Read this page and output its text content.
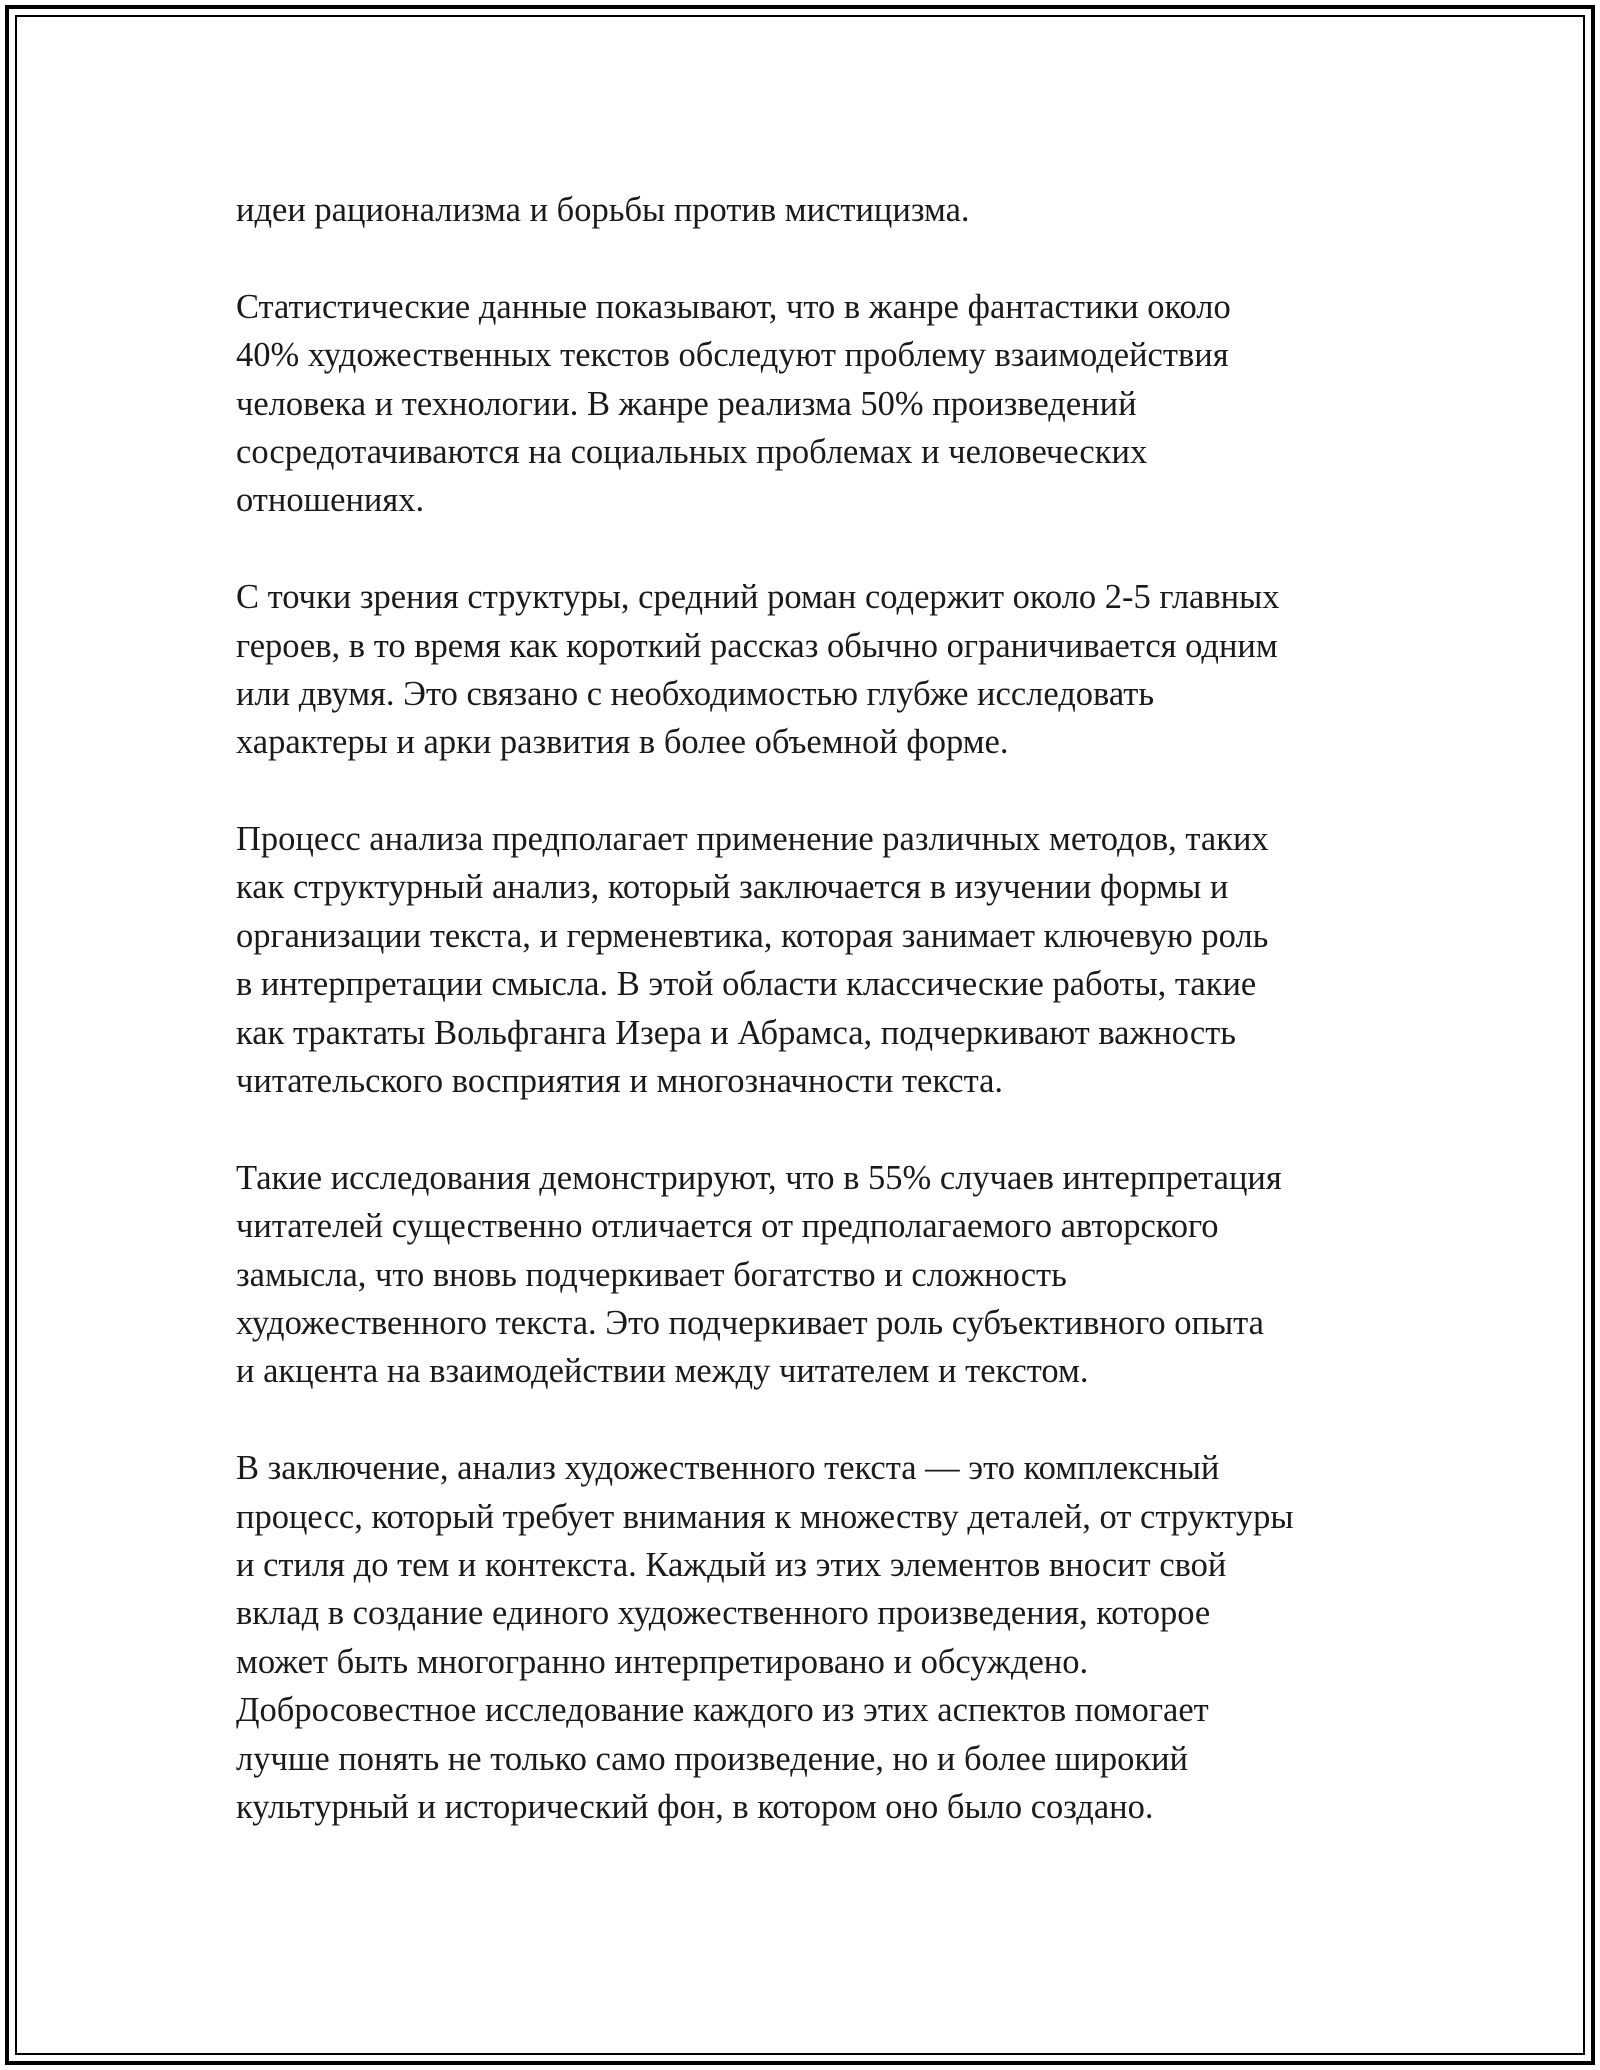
идеи рационализма и борьбы против мистицизма.
Статистические данные показывают, что в жанре фантастики около
40% художественных текстов обследуют проблему взаимодействия
человека и технологии. В жанре реализма 50% произведений
сосредотачиваются на социальных проблемах и человеческих
отношениях.
С точки зрения структуры, средний роман содержит около 2-5 главных
героев, в то время как короткий рассказ обычно ограничивается одним
или двумя. Это связано с необходимостью глубже исследовать
характеры и арки развития в более объемной форме.
Процесс анализа предполагает применение различных методов, таких
как структурный анализ, который заключается в изучении формы и
организации текста, и герменевтика, которая занимает ключевую роль
в интерпретации смысла. В этой области классические работы, такие
как трактаты Вольфганга Изера и Абрамса, подчеркивают важность
читательского восприятия и многозначности текста.
Такие исследования демонстрируют, что в 55% случаев интерпретация
читателей существенно отличается от предполагаемого авторского
замысла, что вновь подчеркивает богатство и сложность
художественного текста. Это подчеркивает роль субъективного опыта
и акцента на взаимодействии между читателем и текстом.
В заключение, анализ художественного текста — это комплексный
процесс, который требует внимания к множеству деталей, от структуры
и стиля до тем и контекста. Каждый из этих элементов вносит свой
вклад в создание единого художественного произведения, которое
может быть многогранно интерпретировано и обсуждено.
Добросовестное исследование каждого из этих аспектов помогает
лучше понять не только само произведение, но и более широкий
культурный и исторический фон, в котором оно было создано.
